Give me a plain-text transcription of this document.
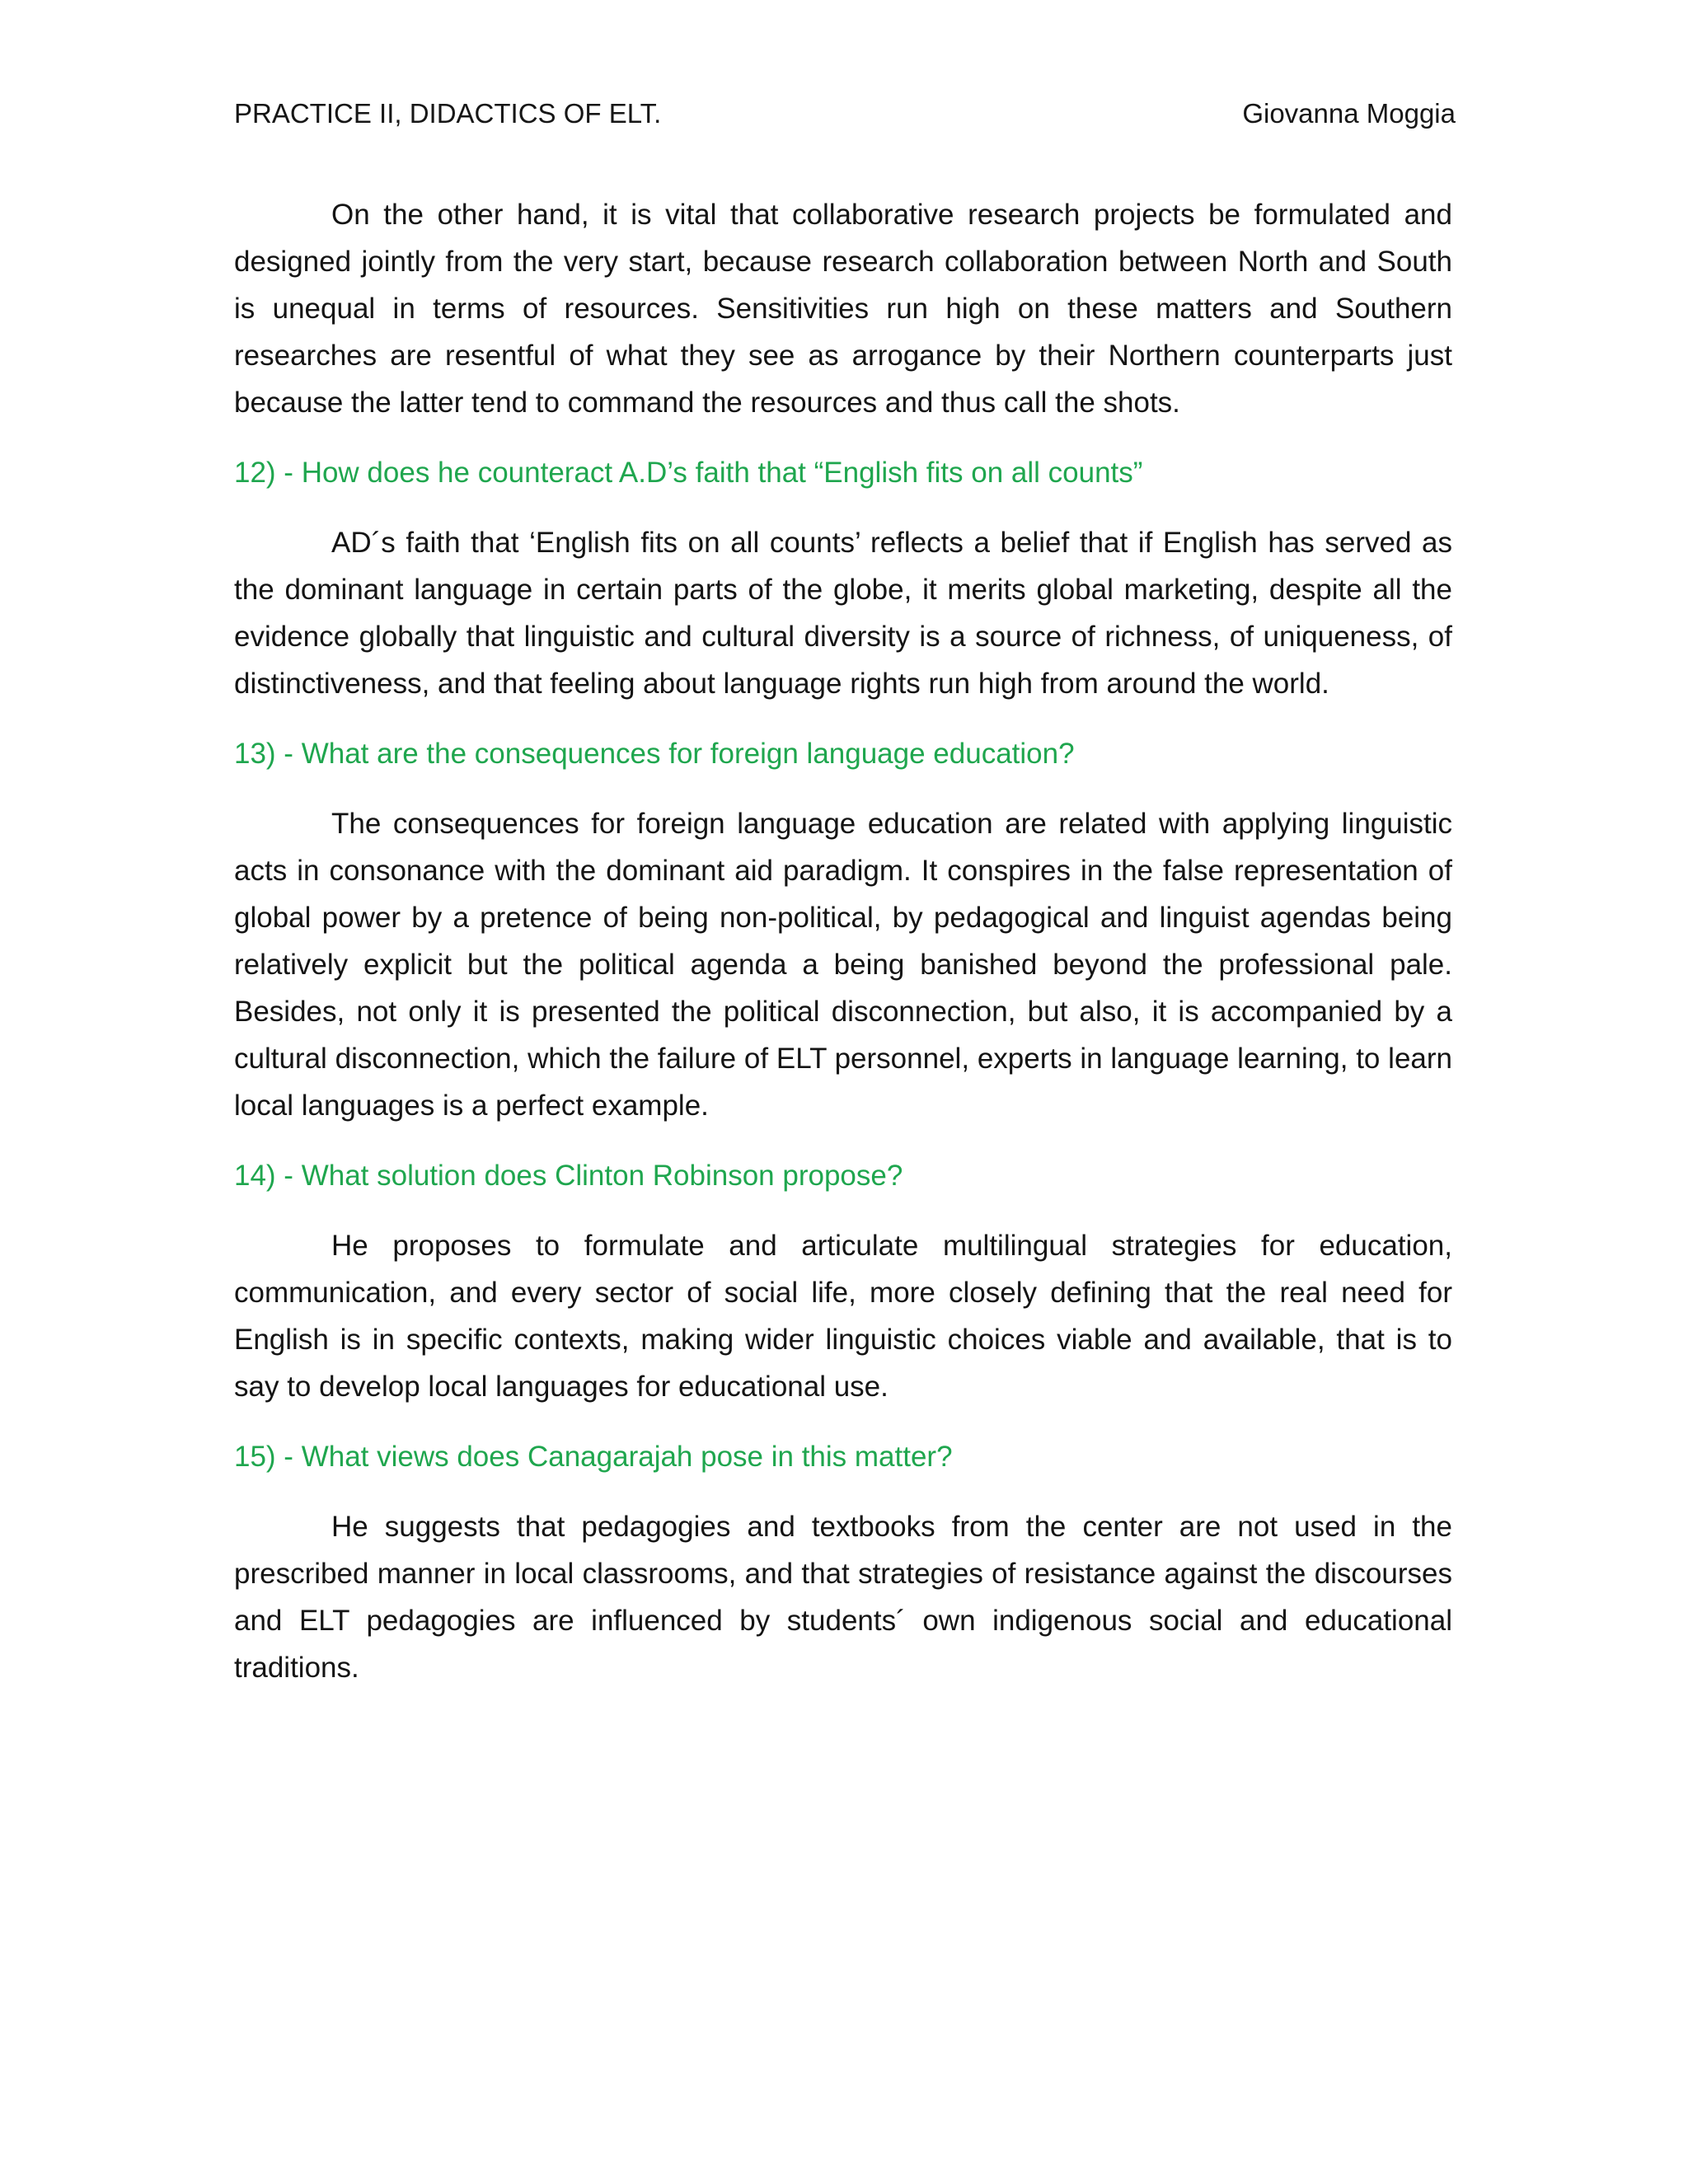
PRACTICE II, DIDACTICS OF ELT.	Giovanna Moggia

On the other hand, it is vital that collaborative research projects be formulated and designed jointly from the very start, because research collaboration between North and South is unequal in terms of resources. Sensitivities run high on these matters and Southern researches are resentful of what they see as arrogance by their Northern counterparts just because the latter tend to command the resources and thus call the shots.

12) - How does he counteract A.D’s faith that “English fits on all counts”

AD´s faith that ‘English fits on all counts’ reflects a belief that if English has served as the dominant language in certain parts of the globe, it merits global marketing, despite all the evidence globally that linguistic and cultural diversity is a source of richness, of uniqueness, of distinctiveness, and that feeling about language rights run high from around the world.

13) - What are the consequences for foreign language education?

The consequences for foreign language education are related with applying linguistic acts in consonance with the dominant aid paradigm. It conspires in the false representation of global power by a pretence of being non-political, by pedagogical and linguist agendas being relatively explicit but the political agenda a being banished beyond the professional pale. Besides, not only it is presented the political disconnection, but also, it is accompanied by a cultural disconnection, which the failure of ELT personnel, experts in language learning, to learn local languages is a perfect example.

14) - What solution does Clinton Robinson propose?

He proposes to formulate and articulate multilingual strategies for education, communication, and every sector of social life, more closely defining that the real need for English is in specific contexts, making wider linguistic choices viable and available, that is to say to develop local languages for educational use.

15) - What views does Canagarajah pose in this matter?

He suggests that pedagogies and textbooks from the center are not used in the prescribed manner in local classrooms, and that strategies of resistance against the discourses and ELT pedagogies are influenced by students´ own indigenous social and educational traditions.
